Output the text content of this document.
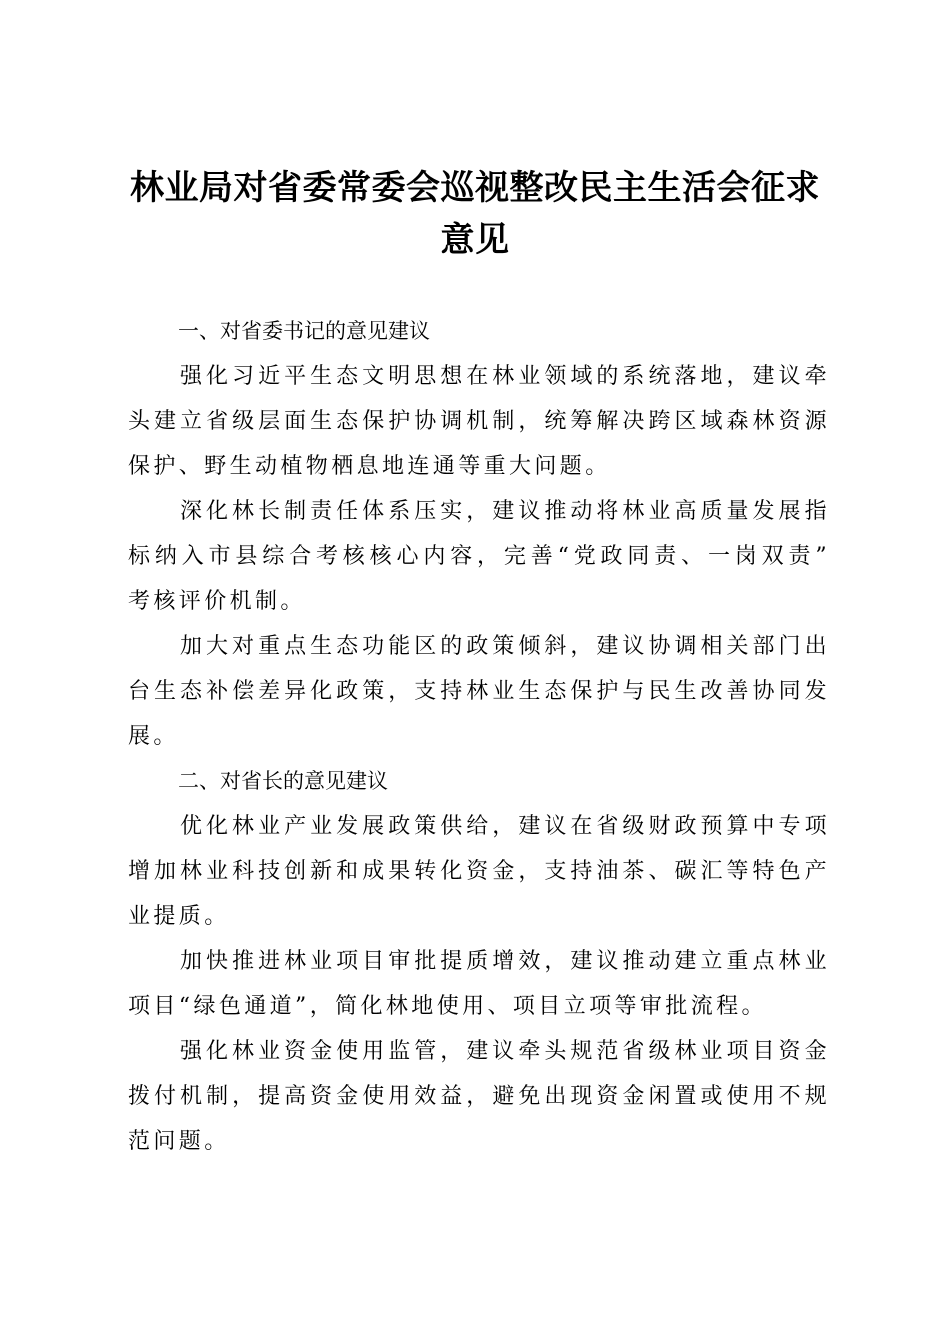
林业局对省委常委会巡视整改民主生活会征求
意见
一、对省委书记的意见建议

强化习近平生态文明思想在林业领域的系统落地，建议牵
头建立省级层面生态保护协调机制，统筹解决跨区域森林资源
保护、野生动植物栖息地连通等重大问题。

深化林长制责任体系压实，建议推动将林业高质量发展指
标纳入市县综合考核核心内容，完善“党政同责、一岗双责”
考核评价机制。

加大对重点生态功能区的政策倾斜，建议协调相关部门出
台生态补偿差异化政策，支持林业生态保护与民生改善协同发
展。

二、对省长的意见建议

优化林业产业发展政策供给，建议在省级财政预算中专项
增加林业科技创新和成果转化资金，支持油茶、碳汇等特色产
业提质。

加快推进林业项目审批提质增效，建议推动建立重点林业
项目“绿色通道”，简化林地使用、项目立项等审批流程。

强化林业资金使用监管，建议牵头规范省级林业项目资金
拨付机制，提高资金使用效益，避免出现资金闲置或使用不规
范问题。
